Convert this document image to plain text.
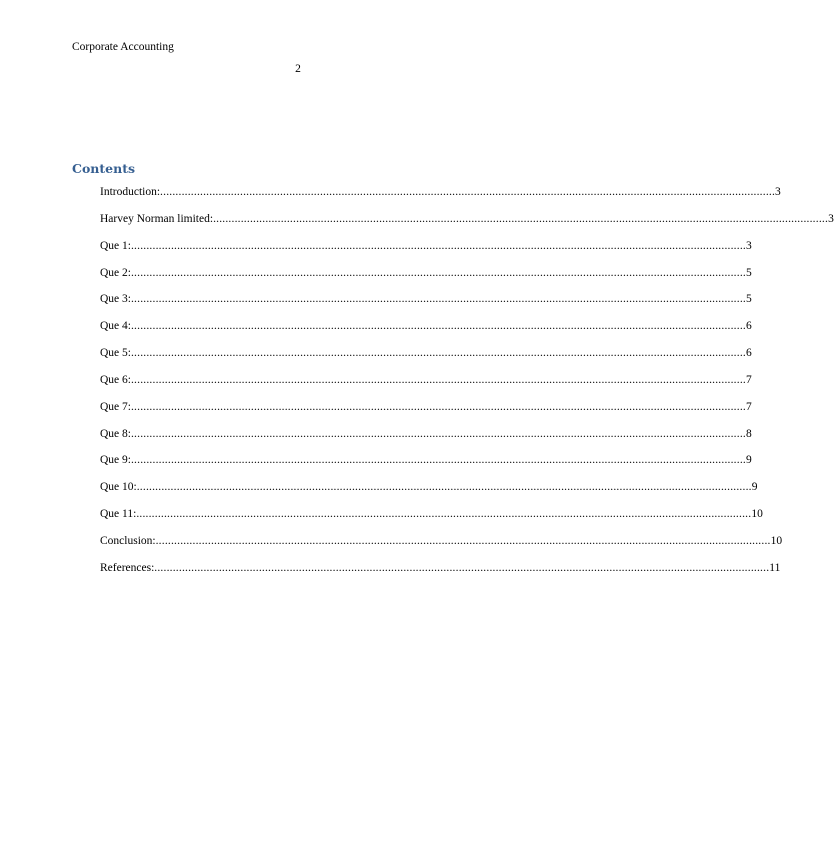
Corporate Accounting
2
Contents
Introduction: ........................................................................................................................................................................................................ 3
Harvey Norman limited: ........................................................................................................................................................................................................ 3
Que 1: ........................................................................................................................................................................................................ 3
Que 2: ........................................................................................................................................................................................................ 5
Que 3: ........................................................................................................................................................................................................ 5
Que 4: ........................................................................................................................................................................................................ 6
Que 5: ........................................................................................................................................................................................................ 6
Que 6: ........................................................................................................................................................................................................ 7
Que 7: ........................................................................................................................................................................................................ 7
Que 8: ........................................................................................................................................................................................................ 8
Que 9: ........................................................................................................................................................................................................ 9
Que 10: ........................................................................................................................................................................................................ 9
Que 11: ........................................................................................................................................................................................................ 10
Conclusion: ........................................................................................................................................................................................................ 10
References: ........................................................................................................................................................................................................ 11
